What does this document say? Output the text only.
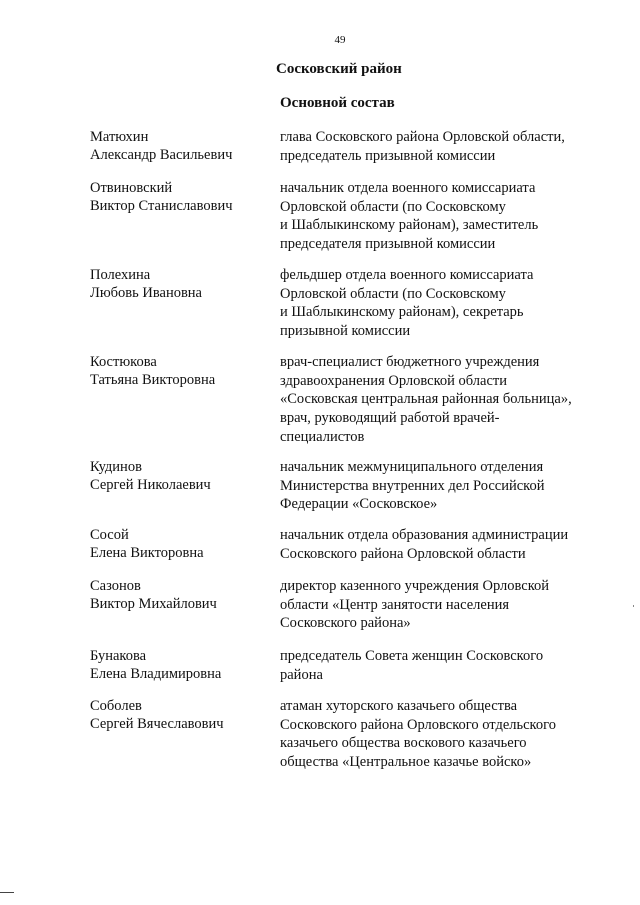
49
Сосковский район
Основной состав
Матюхин
Александр Васильевич
глава Сосковского района Орловской области,
председатель призывной комиссии
Отвиновский
Виктор Станиславович
начальник отдела военного комиссариата
Орловской области (по Сосковскому
и Шаблыкинскому районам), заместитель
председателя призывной комиссии
Полехина
Любовь Ивановна
фельдшер отдела военного комиссариата
Орловской области (по Сосковскому
и Шаблыкинскому районам), секретарь
призывной комиссии
Костюкова
Татьяна Викторовна
врач-специалист бюджетного учреждения
здравоохранения Орловской области
«Сосковская центральная районная больница»,
врач, руководящий работой врачей-
специалистов
Кудинов
Сергей Николаевич
начальник межмуниципального отделения
Министерства внутренних дел Российской
Федерации «Сосковское»
Сосой
Елена Викторовна
начальник отдела образования администрации
Сосковского района Орловской области
Сазонов
Виктор Михайлович
директор казенного учреждения Орловской
области «Центр занятости населения
Сосковского района»
Бунакова
Елена Владимировна
председатель Совета женщин Сосковского
района
Соболев
Сергей Вячеславович
атаман хуторского казачьего общества
Сосковского района Орловского отдельского
казачьего общества воскового казачьего
общества «Центральное казачье войско»
